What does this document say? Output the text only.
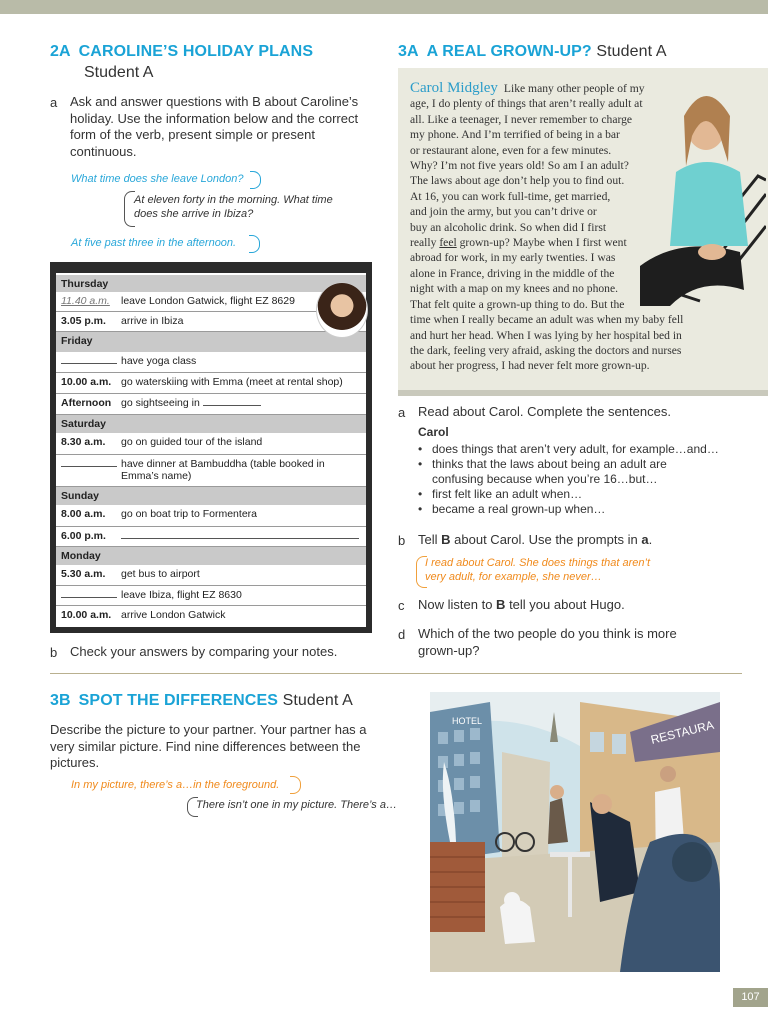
2A CAROLINE’S HOLIDAY PLANS
Student A
a Ask and answer questions with B about Caroline’s
holiday. Use the information below and the correct
form of the verb, present simple or present
continuous.
What time does she leave London?
At eleven forty in the morning. What time
does she arrive in Ibiza?
At five past three in the afternoon.
Thursday
11.40 a.m. leave London Gatwick, flight EZ 8629
3.05 p.m. arrive in Ibiza
Friday
have yoga class
10.00 a.m. go waterskiing with Emma (meet at rental shop)
Afternoon go sightseeing in
Saturday
8.30 a.m. go on guided tour of the island
have dinner at Bambuddha (table booked in
Emma’s name)
Sunday
8.00 a.m. go on boat trip to Formentera
6.00 p.m.
Monday
5.30 a.m. get bus to airport
leave Ibiza, flight EZ 8630
10.00 a.m. arrive London Gatwick
b Check your answers by comparing your notes.
3A A REAL GROWN-UP? Student A
Carol Midgley Like many other people of my
age, I do plenty of things that aren’t really adult at
all. Like a teenager, I never remember to charge
my phone. And I’m terrified of being in a bar
or restaurant alone, even for a few minutes.
Why? I’m not five years old! So am I an adult?
The laws about age don’t help you to find out.
At 16, you can work full-time, get married,
and join the army, but you can’t drive or
buy an alcoholic drink. So when did I first
really feel grown-up? Maybe when I first went
abroad for work, in my early twenties. I was
alone in France, driving in the middle of the
night with a map on my knees and no phone.
That felt quite a grown-up thing to do. But the
time when I really became an adult was when my baby fell
and hurt her head. When I was lying by her hospital bed in
the dark, feeling very afraid, asking the doctors and nurses
about her progress, I had never felt more grown-up.
a Read about Carol. Complete the sentences.
Carol
• does things that aren’t very adult, for example…and…
• thinks that the laws about being an adult are
confusing because when you’re 16…but…
• first felt like an adult when…
• became a real grown-up when…
b Tell B about Carol. Use the prompts in a.
I read about Carol. She does things that aren’t
very adult, for example, she never…
c Now listen to B tell you about Hugo.
d Which of the two people do you think is more
grown-up?
3B SPOT THE DIFFERENCES Student A
Describe the picture to your partner. Your partner has a
very similar picture. Find nine differences between the
pictures.
In my picture, there’s a…in the foreground.
There isn’t one in my picture. There’s a…
HOTEL	RESTAURA
107
